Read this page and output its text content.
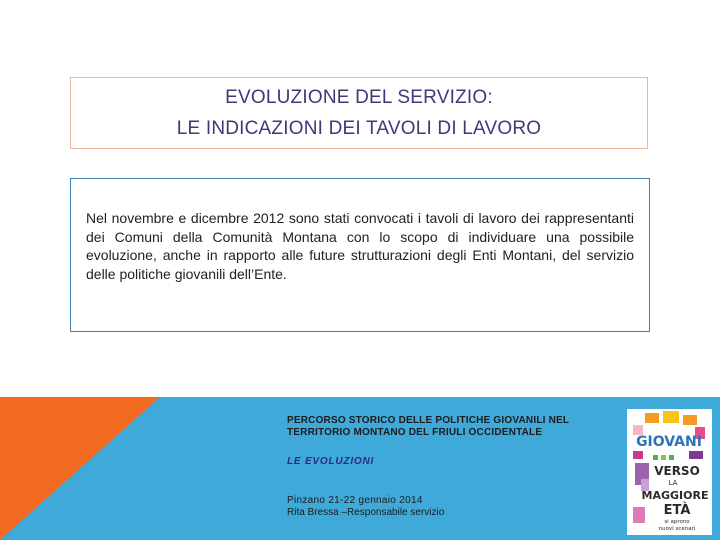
EVOLUZIONE DEL SERVIZIO:
LE INDICAZIONI DEI TAVOLI DI LAVORO

Nel novembre e dicembre 2012 sono stati convocati i tavoli di lavoro dei rappresentanti dei Comuni della Comunità Montana con lo scopo di individuare una possibile evoluzione, anche in rapporto alle future strutturazioni degli Enti Montani, del servizio delle politiche giovanili dell’Ente.

PERCORSO STORICO DELLE POLITICHE GIOVANILI NEL
TERRITORIO MONTANO DEL FRIULI OCCIDENTALE
LE EVOLUZIONI
Pinzano 21-22 gennaio 2014
Rita Bressa –Responsabile servizio
GIOVANI
VERSO
LA
MAGGIORE
ETÀ
si aprono
nuovi scenari
